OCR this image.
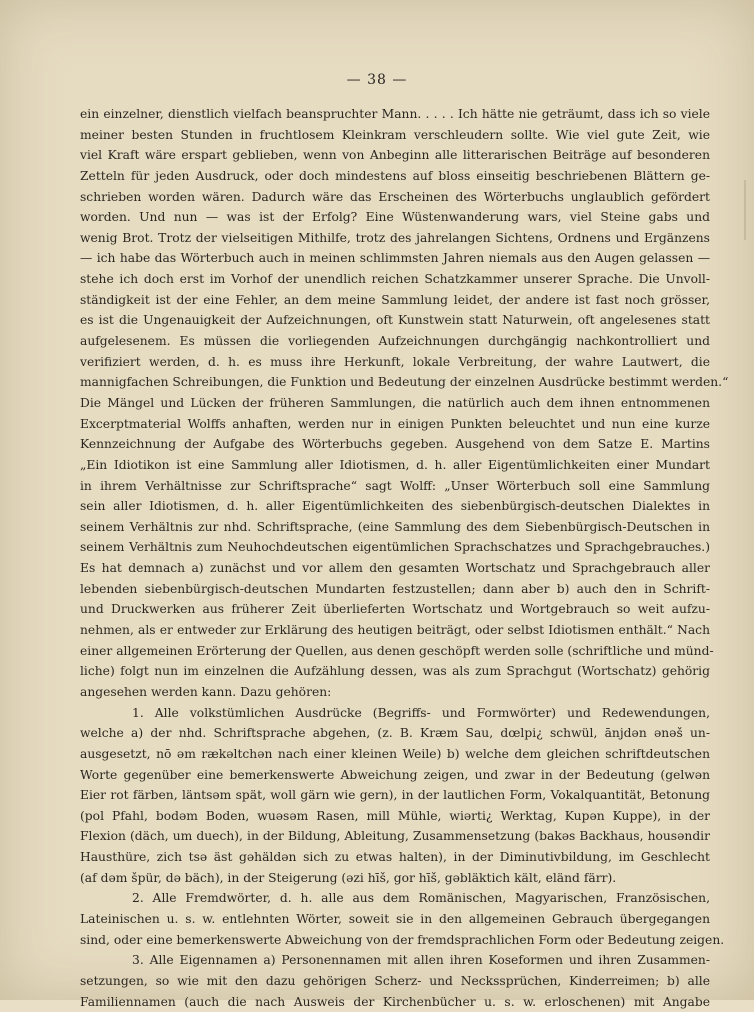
— 38 —
ein einzelner, dienstlich vielfach beanspruchter Mann. . . . . Ich hätte nie geträumt, dass ich so viele
meiner besten Stunden in fruchtlosem Kleinkram verschleudern sollte. Wie viel gute Zeit, wie
viel Kraft wäre erspart geblieben, wenn von Anbeginn alle litterarischen Beiträge auf besonderen
Zetteln für jeden Ausdruck, oder doch mindestens auf bloss einseitig beschriebenen Blättern ge-
schrieben worden wären. Dadurch wäre das Erscheinen des Wörterbuchs unglaublich gefördert
worden. Und nun — was ist der Erfolg? Eine Wüstenwanderung wars, viel Steine gabs und
wenig Brot. Trotz der vielseitigen Mithilfe, trotz des jahrelangen Sichtens, Ordnens und Ergänzens
— ich habe das Wörterbuch auch in meinen schlimmsten Jahren niemals aus den Augen gelassen —
stehe ich doch erst im Vorhof der unendlich reichen Schatzkammer unserer Sprache. Die Unvoll-
ständigkeit ist der eine Fehler, an dem meine Sammlung leidet, der andere ist fast noch grösser,
es ist die Ungenauigkeit der Aufzeichnungen, oft Kunstwein statt Naturwein, oft angelesenes statt
aufgelesenem. Es müssen die vorliegenden Aufzeichnungen durchgängig nachkontrolliert und
verifiziert werden, d. h. es muss ihre Herkunft, lokale Verbreitung, der wahre Lautwert, die
mannigfachen Schreibungen, die Funktion und Bedeutung der einzelnen Ausdrücke bestimmt werden.“
Die Mängel und Lücken der früheren Sammlungen, die natürlich auch dem ihnen entnommenen
Excerptmaterial Wolffs anhaften, werden nur in einigen Punkten beleuchtet und nun eine kurze
Kennzeichnung der Aufgabe des Wörterbuchs gegeben. Ausgehend von dem Satze E. Martins
„Ein Idiotikon ist eine Sammlung aller Idiotismen, d. h. aller Eigentümlichkeiten einer Mundart
in ihrem Verhältnisse zur Schriftsprache“ sagt Wolff: „Unser Wörterbuch soll eine Sammlung
sein aller Idiotismen, d. h. aller Eigentümlichkeiten des siebenbürgisch-deutschen Dialektes in
seinem Verhältnis zur nhd. Schriftsprache, (eine Sammlung des dem Siebenbürgisch-Deutschen in
seinem Verhältnis zum Neuhochdeutschen eigentümlichen Sprachschatzes und Sprachgebrauches.)
Es hat demnach a) zunächst und vor allem den gesamten Wortschatz und Sprachgebrauch aller
lebenden siebenbürgisch-deutschen Mundarten festzustellen; dann aber b) auch den in Schrift-
und Druckwerken aus früherer Zeit überlieferten Wortschatz und Wortgebrauch so weit aufzu-
nehmen, als er entweder zur Erklärung des heutigen beiträgt, oder selbst Idiotismen enthält.“ Nach
einer allgemeinen Erörterung der Quellen, aus denen geschöpft werden solle (schriftliche und münd-
liche) folgt nun im einzelnen die Aufzählung dessen, was als zum Sprachgut (Wortschatz) gehörig
angesehen werden kann. Dazu gehören:
1. Alle volkstümlichen Ausdrücke (Begriffs- und Formwörter) und Redewendungen,
welche a) der nhd. Schriftsprache abgehen, (z. B. Kræm Sau, dœlpi¿ schwül, ānjdən ənəš un-
ausgesetzt, nō əm rækəltchən nach einer kleinen Weile) b) welche dem gleichen schriftdeutschen
Worte gegenüber eine bemerkenswerte Abweichung zeigen, und zwar in der Bedeutung (gelwən
Eier rot färben, läntsəm spät, woll gärn wie gern), in der lautlichen Form, Vokalquantität, Betonung
(pol Pfahl, bodəm Boden, wuəsəm Rasen, mill Mühle, wiərti¿ Werktag, Kupən Kuppe), in der
Flexion (däch, um duech), in der Bildung, Ableitung, Zusammensetzung (bakəs Backhaus, housəndir
Hausthüre, zich tsə äst gəhäldən sich zu etwas halten), in der Diminutivbildung, im Geschlecht
(af dəm špür, də bäch), in der Steigerung (əzi hīš, gor hīš, gəbläktich kält, eländ färr).
2. Alle Fremdwörter, d. h. alle aus dem Romänischen, Magyarischen, Französischen,
Lateinischen u. s. w. entlehnten Wörter, soweit sie in den allgemeinen Gebrauch übergegangen
sind, oder eine bemerkenswerte Abweichung von der fremdsprachlichen Form oder Bedeutung zeigen.
3. Alle Eigennamen a) Personennamen mit allen ihren Koseformen und ihren Zusammen-
setzungen, so wie mit den dazu gehörigen Scherz- und Neckssprüchen, Kinderreimen; b) alle
Familiennamen (auch die nach Ausweis der Kirchenbücher u. s. w. erloschenen) mit Angabe
